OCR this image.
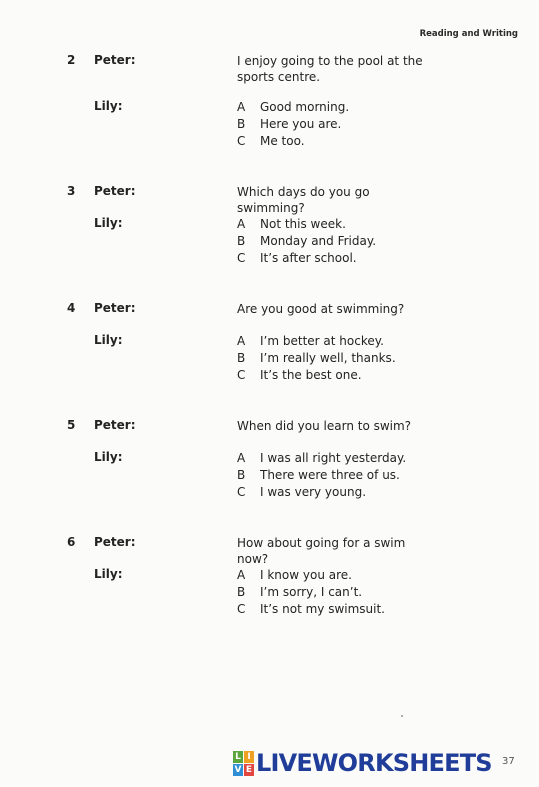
Reading and Writing
2 Peter:	I enjoy going to the pool at the sports centre.
Lily:	A Good morning.
B Here you are.
C Me too.
3 Peter:	Which days do you go swimming?
Lily:	A Not this week.
B Monday and Friday.
C It’s after school.
4 Peter:	Are you good at swimming?
Lily:	A I’m better at hockey.
B I’m really well, thanks.
C It’s the best one.
5 Peter:	When did you learn to swim?
Lily:	A I was all right yesterday.
B There were three of us.
C I was very young.
6 Peter:	How about going for a swim now?
Lily:	A I know you are.
B I’m sorry, I can’t.
C It’s not my swimsuit.
L I
V E LIVEWORKSHEETS 37
